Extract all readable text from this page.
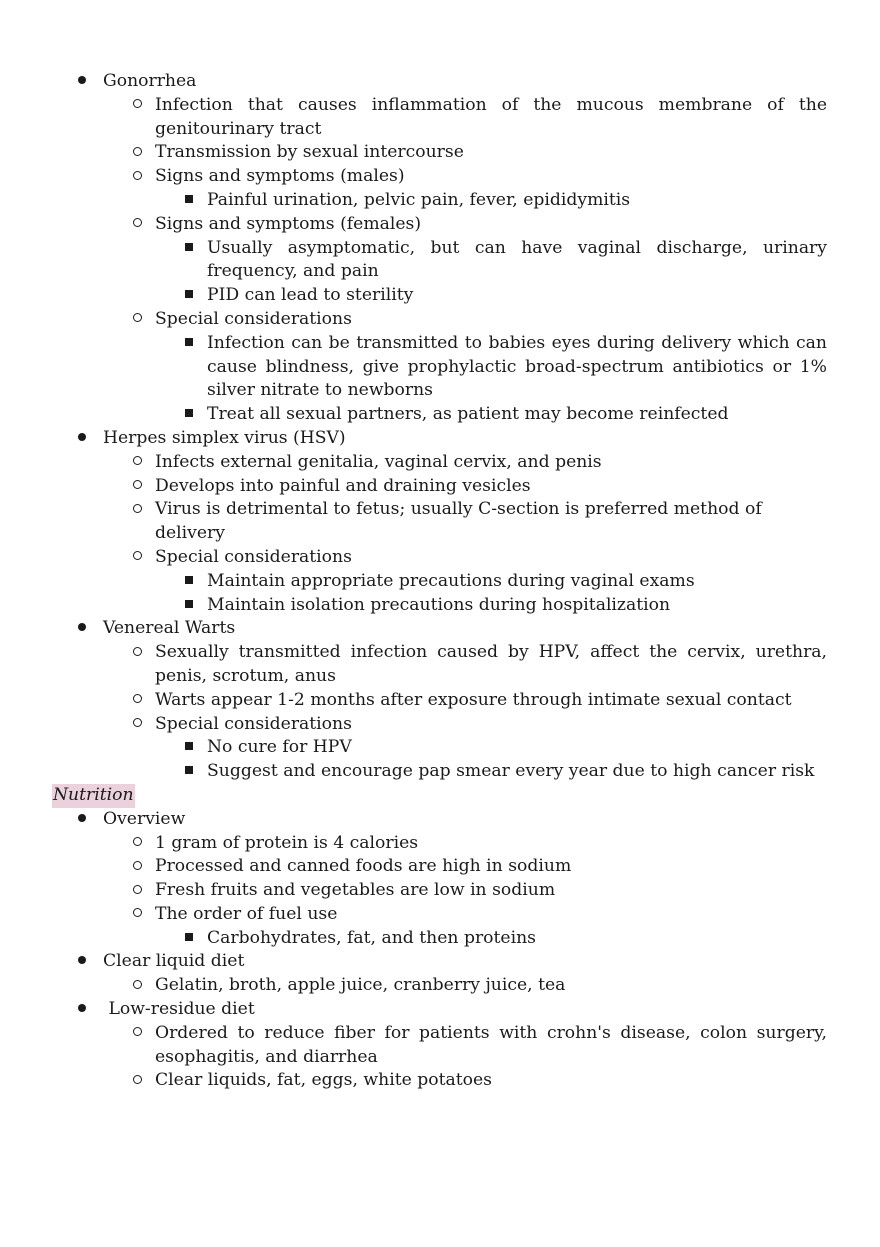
Gonorrhea
Infection that causes inflammation of the mucous membrane of the genitourinary tract
Transmission by sexual intercourse
Signs and symptoms (males)
Painful urination, pelvic pain, fever, epididymitis
Signs and symptoms (females)
Usually asymptomatic, but can have vaginal discharge, urinary frequency, and pain
PID can lead to sterility
Special considerations
Infection can be transmitted to babies eyes during delivery which can cause blindness, give prophylactic broad-spectrum antibiotics or 1% silver nitrate to newborns
Treat all sexual partners, as patient may become reinfected
Herpes simplex virus (HSV)
Infects external genitalia, vaginal cervix, and penis
Develops into painful and draining vesicles
Virus is detrimental to fetus; usually C-section is preferred method of delivery
Special considerations
Maintain appropriate precautions during vaginal exams
Maintain isolation precautions during hospitalization
Venereal Warts
Sexually transmitted infection caused by HPV, affect the cervix, urethra, penis, scrotum, anus
Warts appear 1-2 months after exposure through intimate sexual contact
Special considerations
No cure for HPV
Suggest and encourage pap smear every year due to high cancer risk
Nutrition
Overview
1 gram of protein is 4 calories
Processed and canned foods are high in sodium
Fresh fruits and vegetables are low in sodium
The order of fuel use
Carbohydrates, fat, and then proteins
Clear liquid diet
Gelatin, broth, apple juice, cranberry juice, tea
Low-residue diet
Ordered to reduce fiber for patients with crohn's disease, colon surgery, esophagitis, and diarrhea
Clear liquids, fat, eggs, white potatoes
